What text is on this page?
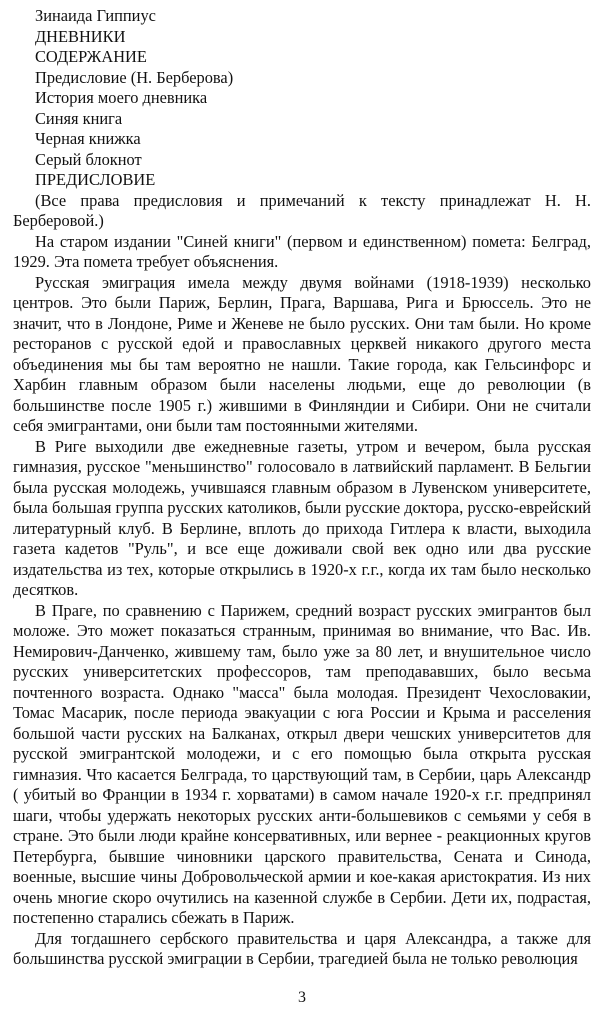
Зинаида Гиппиус
ДНЕВНИКИ
СОДЕРЖАНИЕ
Предисловие (Н. Берберова)
История моего дневника
Синяя книга
Черная книжка
Серый блокнот
ПРЕДИСЛОВИЕ

(Все права предисловия и примечаний к тексту принадлежат Н. Н. Берберовой.)

На старом издании "Синей книги" (первом и единственном) помета: Белград, 1929. Эта помета требует объяснения.

Русская эмиграция имела между двумя войнами (1918-1939) несколько центров. Это были Париж, Берлин, Прага, Варшава, Рига и Брюссель. Это не значит, что в Лондоне, Риме и Женеве не было русских. Они там были. Но кроме ресторанов с русской едой и православных церквей никакого другого места объединения мы бы там вероятно не нашли. Такие города, как Гельсинфорс и Харбин главным образом были населены людьми, еще до революции (в большинстве после 1905 г.) жившими в Финляндии и Сибири. Они не считали себя эмигрантами, они были там постоянными жителями.

В Риге выходили две ежедневные газеты, утром и вечером, была русская гимназия, русское "меньшинство" голосовало в латвийский парламент. В Бельгии была русская молодежь, учившаяся главным образом в Лувенском университете, была большая группа русских католиков, были русские доктора, русско-еврейский литературный клуб. В Берлине, вплоть до прихода Гитлера к власти, выходила газета кадетов "Руль", и все еще доживали свой век одно или два русские издательства из тех, которые открылись в 1920-х г.г., когда их там было несколько десятков.

В Праге, по сравнению с Парижем, средний возраст русских эмигрантов был моложе. Это может показаться странным, принимая во внимание, что Вас. Ив. Немирович-Данченко, жившему там, было уже за 80 лет, и внушительное число русских университетских профессоров, там преподававших, было весьма почтенного возраста. Однако "масса" была молодая. Президент Чехословакии, Томас Масарик, после периода эвакуации с юга России и Крыма и расселения большой части русских на Балканах, открыл двери чешских университетов для русской эмигрантской молодежи, и с его помощью была открыта русская гимназия. Что касается Белграда, то царствующий там, в Сербии, царь Александр ( убитый во Франции в 1934 г. хорватами) в самом начале 1920-х г.г. предпринял шаги, чтобы удержать некоторых русских анти-большевиков с семьями у себя в стране. Это были люди крайне консервативных, или вернее - реакционных кругов Петербурга, бывшие чиновники царского правительства, Сената и Синода, военные, высшие чины Добровольческой армии и кое-какая аристократия. Из них очень многие скоро очутились на казенной службе в Сербии. Дети их, подрастая, постепенно старались сбежать в Париж.

Для тогдашнего сербского правительства и царя Александра, а также для большинства русской эмиграции в Сербии, трагедией была не только революция

3
